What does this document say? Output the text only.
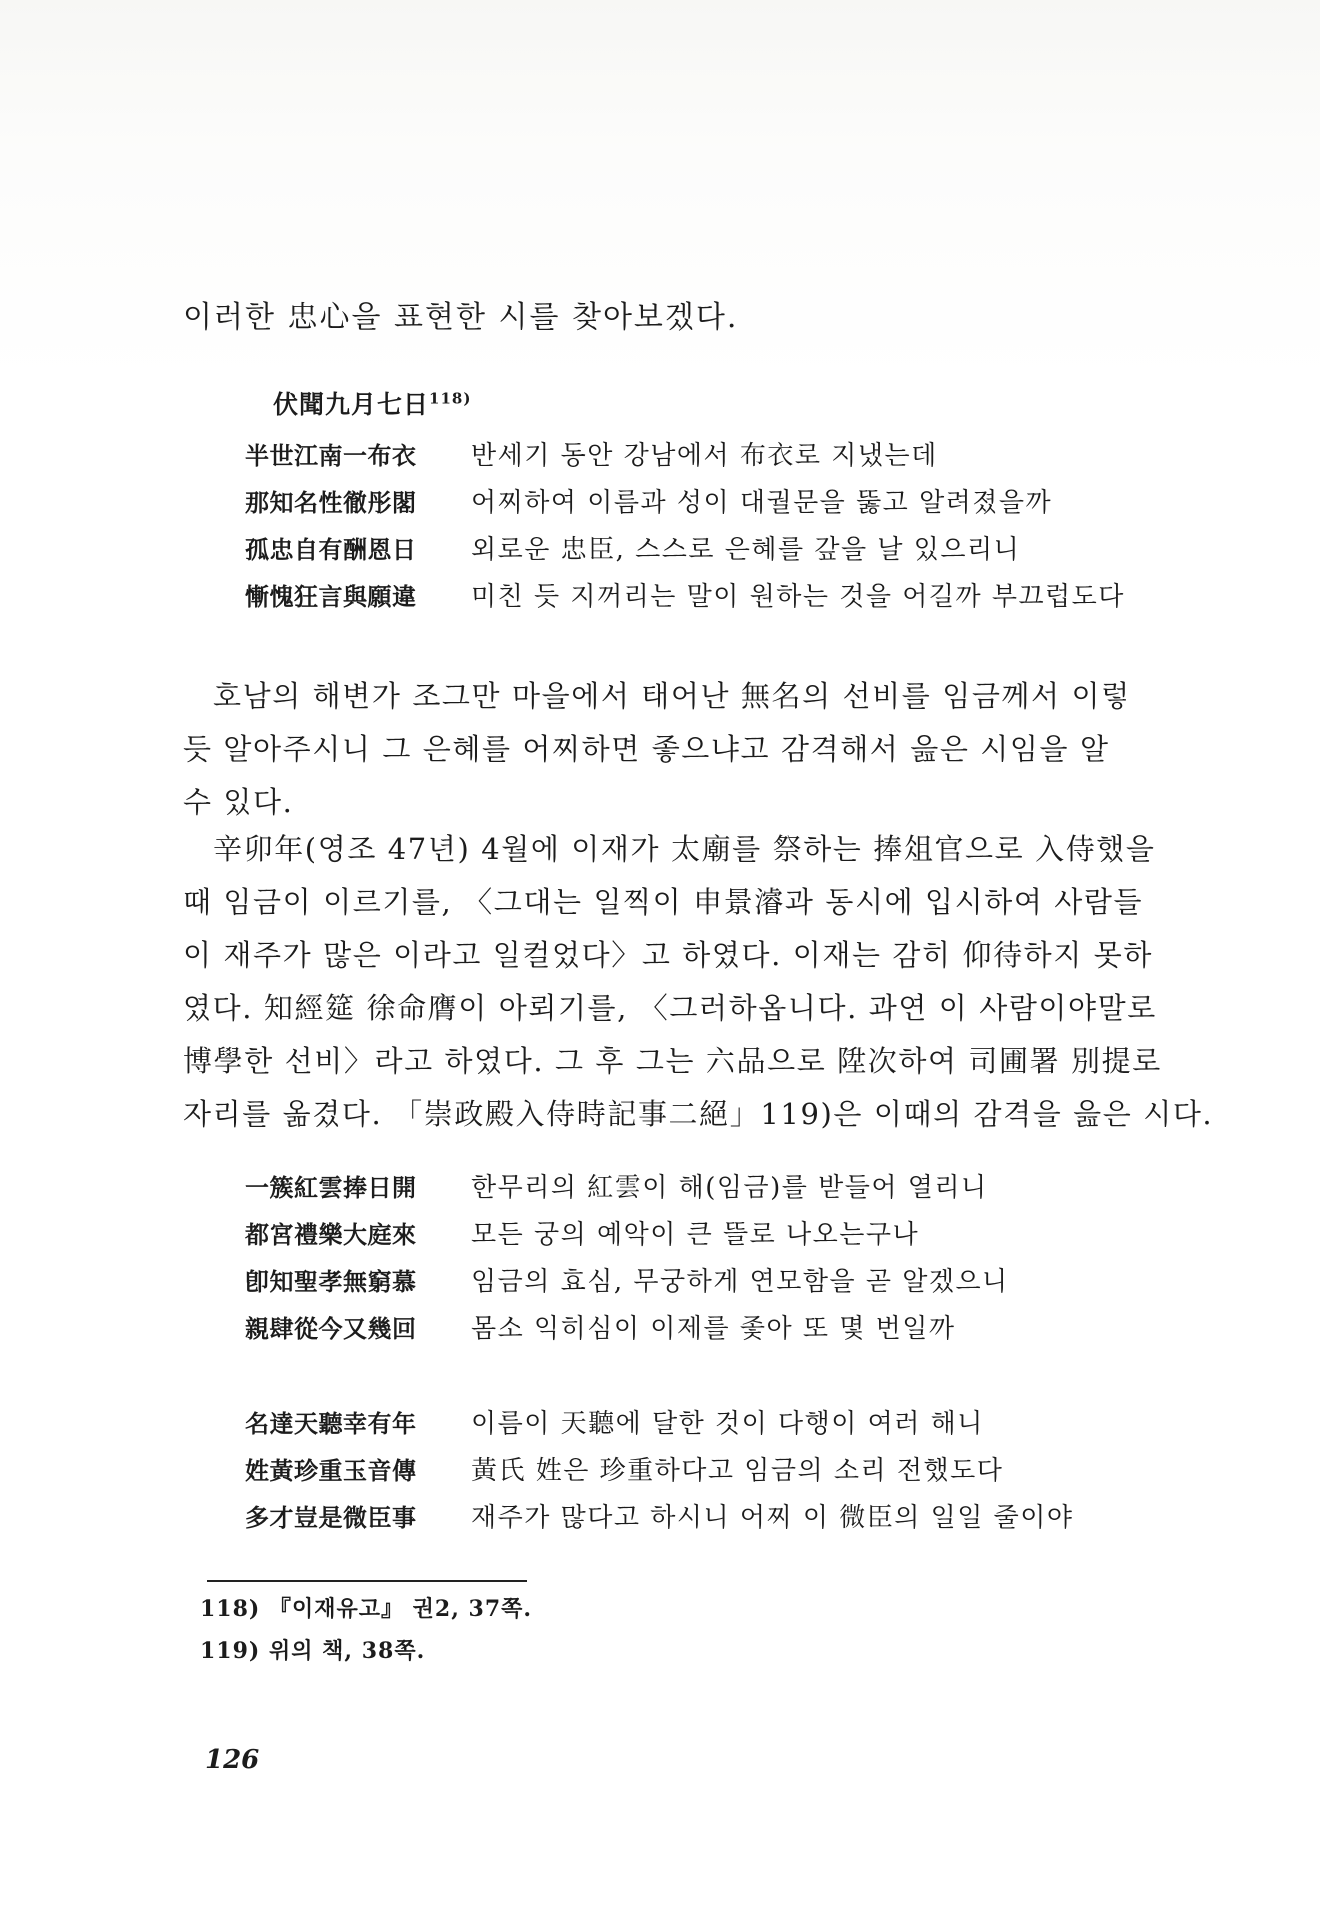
이러한 忠心을 표현한 시를 찾아보겠다.
伏聞九月七日$^{118)}$
半世江南一布衣	반세기 동안 강남에서 布衣로 지냈는데
那知名性徹彤閣	어찌하여 이름과 성이 대궐문을 뚫고 알려졌을까
孤忠自有酬恩日	외로운 忠臣, 스스로 은혜를 갚을 날 있으리니
慚愧狂言與願違	미친 듯 지꺼리는 말이 원하는 것을 어길까 부끄럽도다
호남의 해변가 조그만 마을에서 태어난 無名의 선비를 임금께서 이렇
듯 알아주시니 그 은혜를 어찌하면 좋으냐고 감격해서 읊은 시임을 알
수 있다.
辛卯年(영조 47년) 4월에 이재가 太廟를 祭하는 捧俎官으로 入侍했을
때 임금이 이르기를, 〈그대는 일찍이 申景濬과 동시에 입시하여 사람들
이 재주가 많은 이라고 일컬었다〉고 하였다. 이재는 감히 仰待하지 못하
였다. 知經筵 徐命膺이 아뢰기를, 〈그러하옵니다. 과연 이 사람이야말로
博學한 선비〉라고 하였다. 그 후 그는 六品으로 陞次하여 司圃署 別提로
자리를 옮겼다. 「崇政殿入侍時記事二絕」119)은 이때의 감격을 읊은 시다.
一簇紅雲捧日開	한무리의 紅雲이 해(임금)를 받들어 열리니
都宮禮樂大庭來	모든 궁의 예악이 큰 뜰로 나오는구나
卽知聖孝無窮慕	임금의 효심, 무궁하게 연모함을 곧 알겠으니
親肆從今又幾回	몸소 익히심이 이제를 좇아 또 몇 번일까
名達天聽幸有年	이름이 天聽에 달한 것이 다행이 여러 해니
姓黃珍重玉音傳	黃氏 姓은 珍重하다고 임금의 소리 전했도다
多才豈是微臣事	재주가 많다고 하시니 어찌 이 微臣의 일일 줄이야
118) 『이재유고』 권2, 37쪽.
119) 위의 책, 38쪽.
126
